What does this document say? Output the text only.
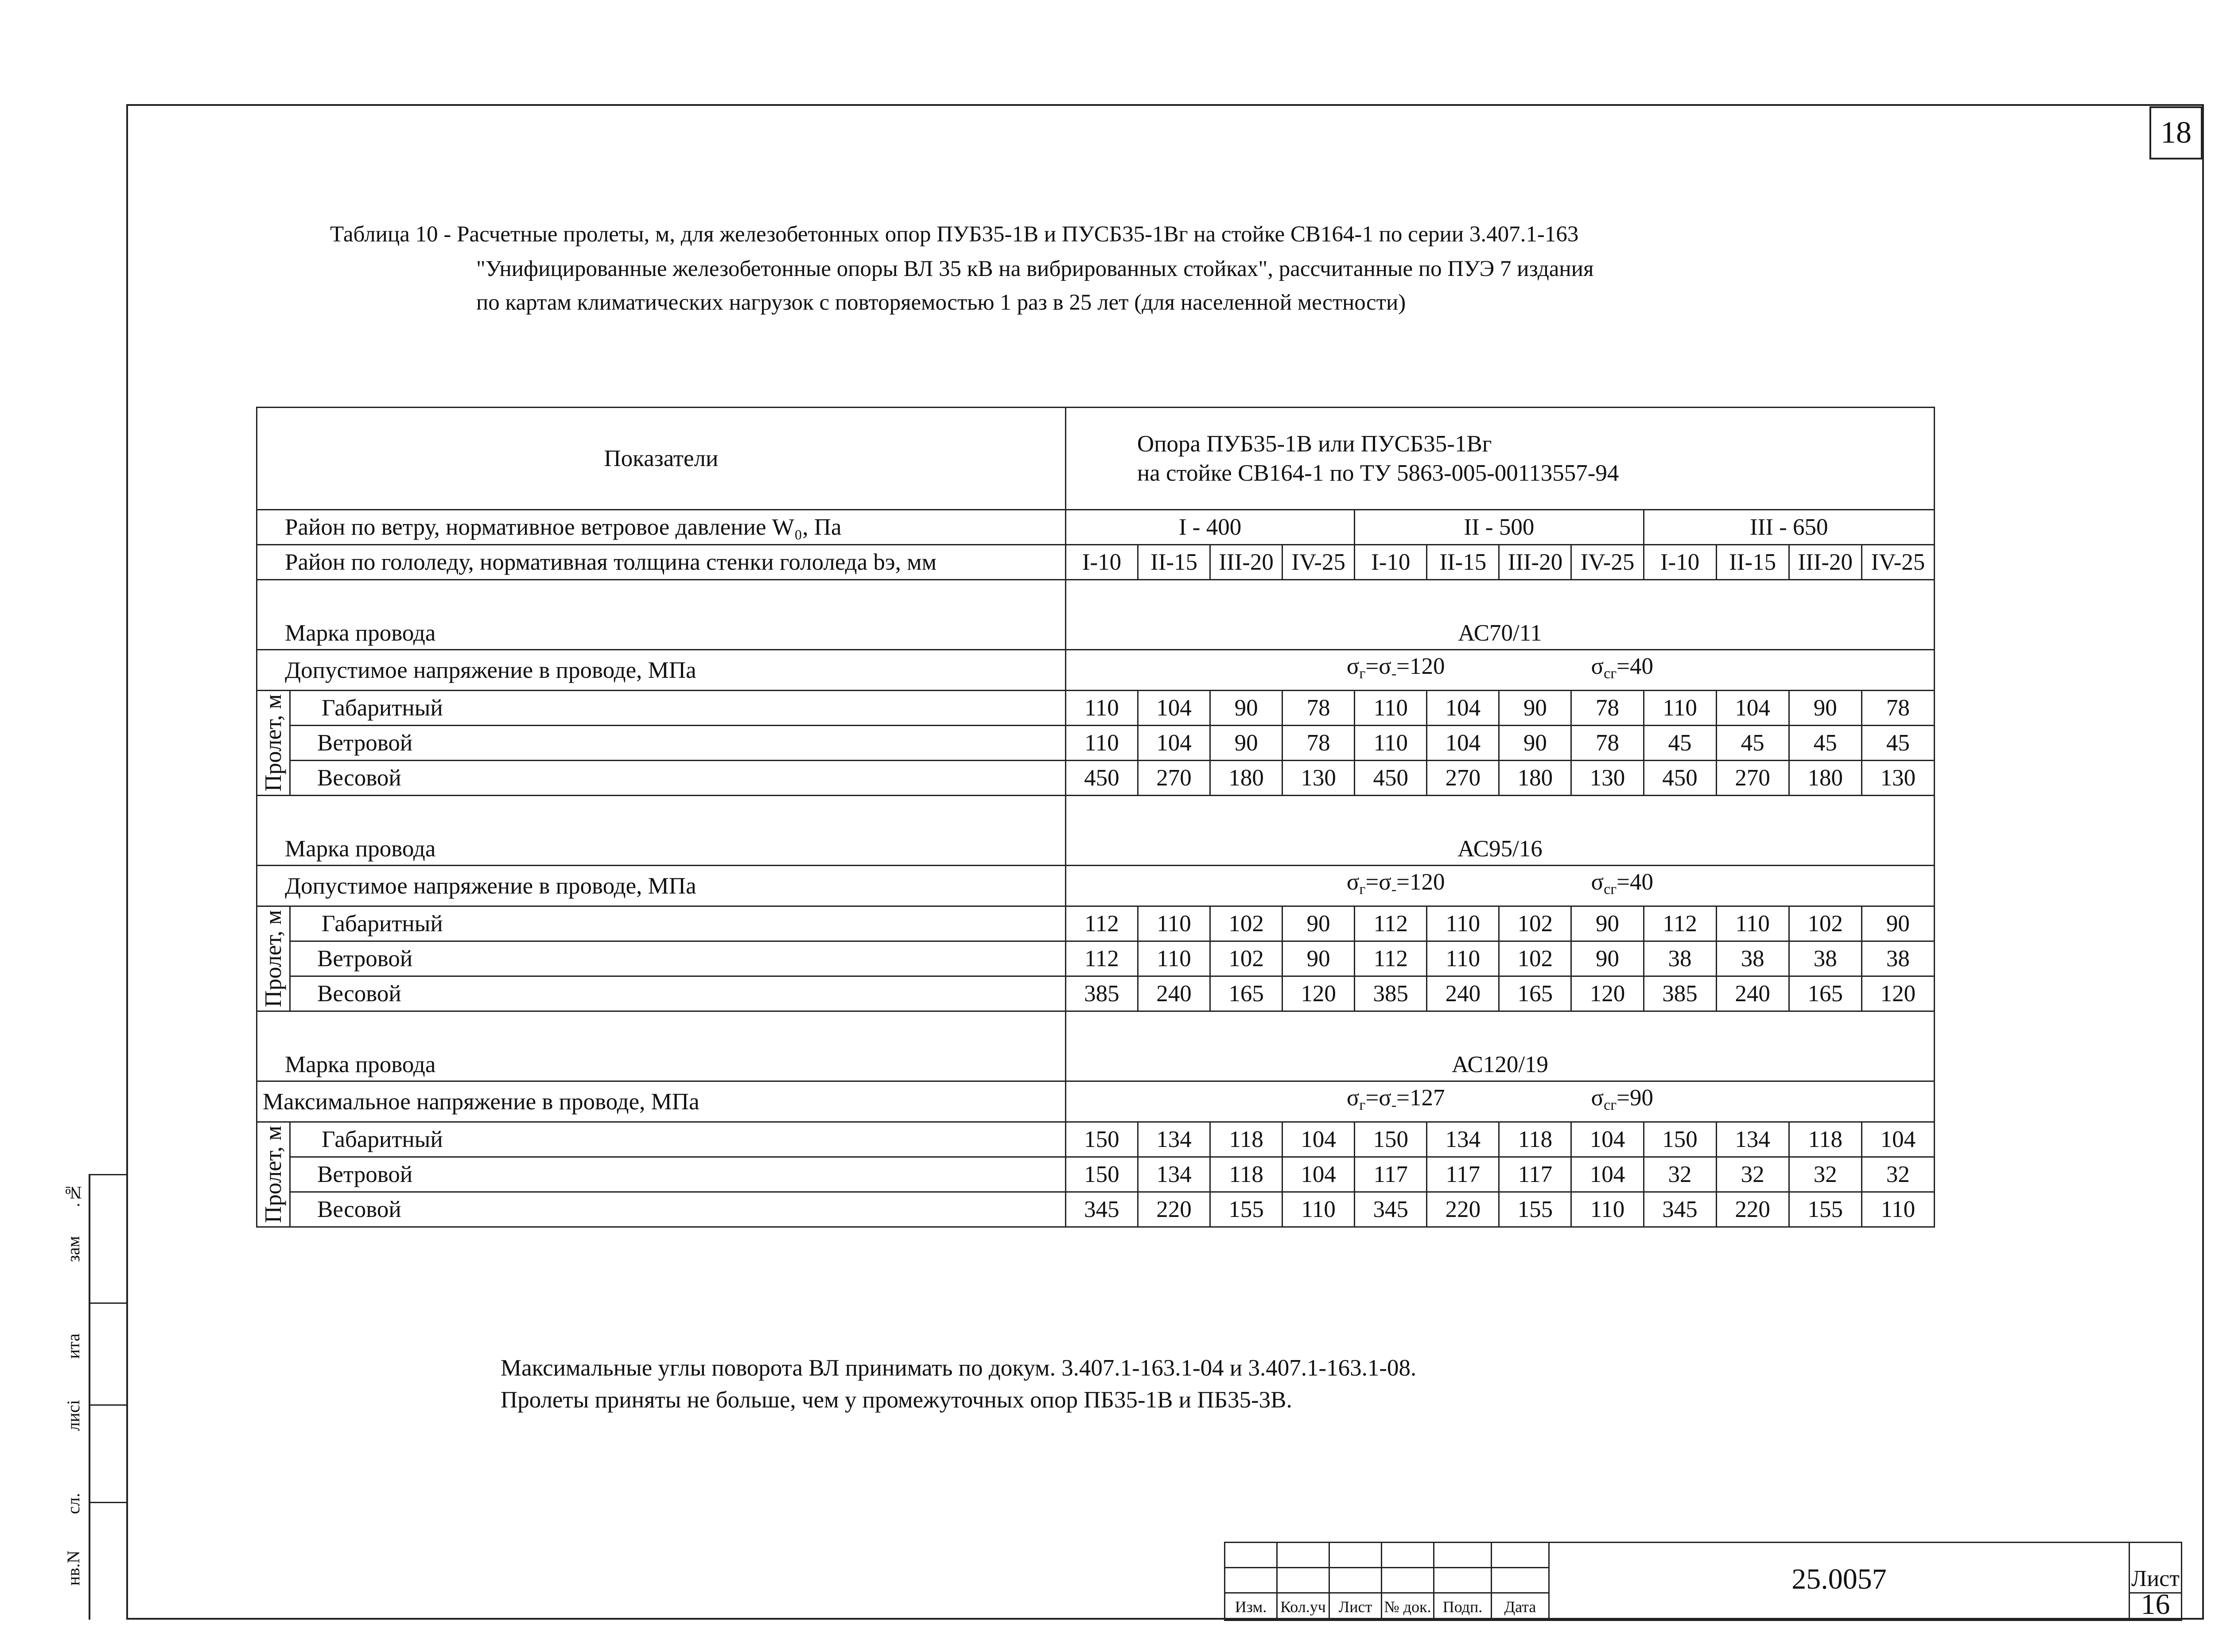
18
.№
зам
ита
лисі
сл.
нв.N
Таблица 10 - Расчетные пролеты, м, для железобетонных опор ПУБ35-1В и ПУСБ35-1Вг на стойке СВ164-1 по серии 3.407.1-163
"Унифицированные железобетонные опоры ВЛ 35 кВ на вибрированных стойках", рассчитанные по ПУЭ 7 издания
по картам климатических нагрузок с повторяемостью 1 раз в 25 лет (для населенной местности)
Показатели		Опора ПУБ35-1В или ПУСБ35-1Вг
на стойке СВ164-1 по ТУ 5863-005-00113557-94											

Район по ветру, нормативное ветровое давление W₀, Па		I - 400				II - 500				III - 650			
Район по гололеду, нормативная толщина стенки гололеда bэ, мм		I-10	II-15	III-20	IV-25	I-10	II-15	III-20	IV-25	I-10	II-15	III-20	IV-25
Марка провода		АС70/11											
Допустимое напряжение в проводе, МПа		$\sigma_г=\sigma_-=120$ $\sigma_{сг}=40$											

Пролет, м	Габаритный	110	104	90	78	110	104	90	78	110	104	90	78
	Ветровой	110	104	90	78	110	104	90	78	45	45	45	45
	Весовой	450	270	180	130	450	270	180	130	450	270	180	130
Марка провода		АС95/16											
Допустимое напряжение в проводе, МПа		$\sigma_г=\sigma_-=120$ $\sigma_{сг}=40$											

Пролет, м	Габаритный	112	110	102	90	112	110	102	90	112	110	102	90
	Ветровой	112	110	102	90	112	110	102	90	38	38	38	38
	Весовой	385	240	165	120	385	240	165	120	385	240	165	120
Марка провода		АС120/19											
Максимальное напряжение в проводе, МПа		$\sigma_г=\sigma_-=127$ $\sigma_{сг}=90$											

Пролет, м	Габаритный	150	134	118	104	150	134	118	104	150	134	118	104
	Ветровой	150	134	118	104	117	117	117	104	32	32	32	32
	Весовой	345	220	155	110	345	220	155	110	345	220	155	110
Максимальные углы поворота ВЛ принимать по докум. 3.407.1-163.1-04 и 3.407.1-163.1-08.
Пролеты приняты не больше, чем у промежуточных опор ПБ35-1В и ПБ35-3В.
						25.0057	
							Лист
Изм.	Кол.уч	Лист	№ док.	Подп.	Дата		16
